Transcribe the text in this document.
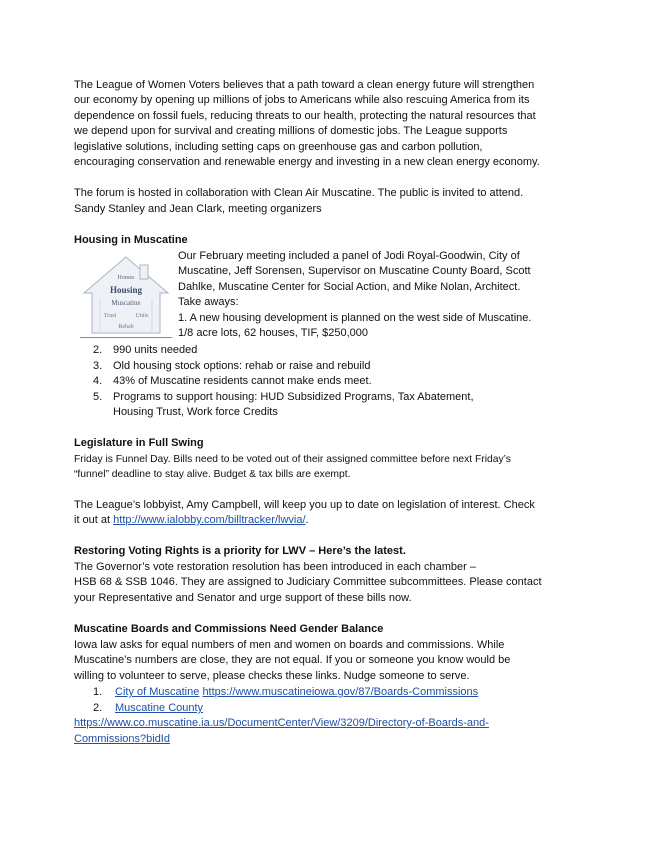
The League of Women Voters believes that a path toward a clean energy future will strengthen
our economy by opening up millions of jobs to Americans while also rescuing America from its
dependence on fossil fuels, reducing threats to our health, protecting the natural resources that
we depend upon for survival and creating millions of domestic jobs. The League supports
legislative solutions, including setting caps on greenhouse gas and carbon pollution,
encouraging conservation and renewable energy and investing in a new clean energy economy.
The forum is hosted in collaboration with Clean Air Muscatine. The public is invited to attend.
Sandy Stanley and Jean Clark, meeting organizers
Housing in Muscatine
Homes
Housing
Muscatine
Trust	Units
Rehab
Our February meeting included a panel of Jodi Royal-Goodwin, City of
Muscatine, Jeff Sorensen, Supervisor on Muscatine County Board, Scott
Dahlke, Muscatine Center for Social Action, and Mike Nolan, Architect.
Take aways:
1. A new housing development is planned on the west side of Muscatine.
1/8 acre lots, 62 houses, TIF, $250,000
2. 990 units needed
3. Old housing stock options: rehab or raise and rebuild
4. 43% of Muscatine residents cannot make ends meet.
5. Programs to support housing: HUD Subsidized Programs, Tax Abatement,
Housing Trust, Work force Credits
Legislature in Full Swing
Friday is Funnel Day. Bills need to be voted out of their assigned committee before next Friday’s
“funnel” deadline to stay alive. Budget & tax bills are exempt.
The League’s lobbyist, Amy Campbell, will keep you up to date on legislation of interest. Check
it out at http://www.ialobby.com/billtracker/lwvia/.
Restoring Voting Rights is a priority for LWV – Here’s the latest.
The Governor’s vote restoration resolution has been introduced in each chamber –
HSB 68 & SSB 1046. They are assigned to Judiciary Committee subcommittees. Please contact
your Representative and Senator and urge support of these bills now.
Muscatine Boards and Commissions Need Gender Balance
Iowa law asks for equal numbers of men and women on boards and commissions. While
Muscatine’s numbers are close, they are not equal. If you or someone you know would be
willing to volunteer to serve, please checks these links. Nudge someone to serve.
1. City of Muscatine https://www.muscatineiowa.gov/87/Boards-Commissions
2. Muscatine County
https://www.co.muscatine.ia.us/DocumentCenter/View/3209/Directory-of-Boards-and-
Commissions?bidId
